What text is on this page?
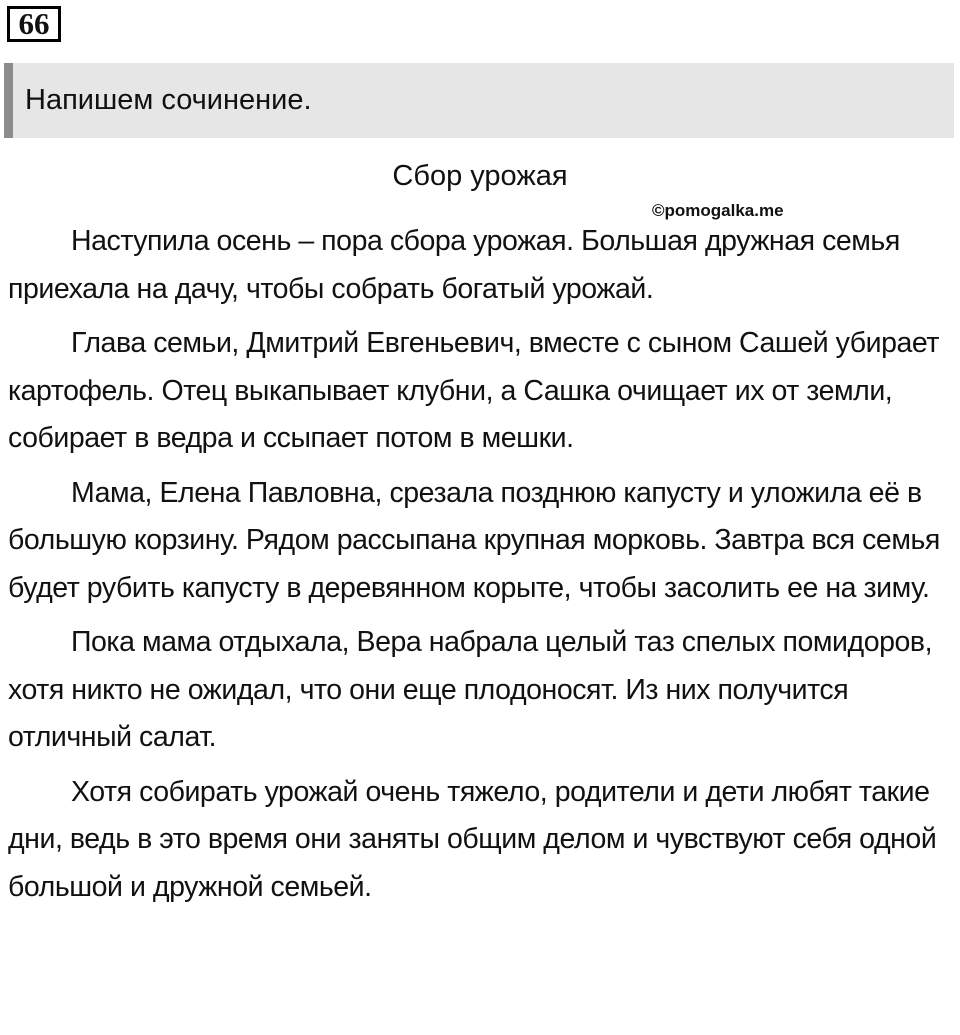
66
Напишем сочинение.
Сбор урожая
©pomogalka.me

Наступила осень – пора сбора урожая. Большая дружная семья приехала на дачу, чтобы собрать богатый урожай.

Глава семьи, Дмитрий Евгеньевич, вместе с сыном Сашей убирает картофель. Отец выкапывает клубни, а Сашка очищает их от земли, собирает в ведра и ссыпает потом в мешки.

Мама, Елена Павловна, срезала позднюю капусту и уложила её в большую корзину. Рядом рассыпана крупная морковь. Завтра вся семья будет рубить капусту в деревянном корыте, чтобы засолить ее на зиму.

Пока мама отдыхала, Вера набрала целый таз спелых помидоров, хотя никто не ожидал, что они еще плодоносят. Из них получится отличный салат.

Хотя собирать урожай очень тяжело, родители и дети любят такие дни, ведь в это время они заняты общим делом и чувствуют себя одной большой и дружной семьей.
